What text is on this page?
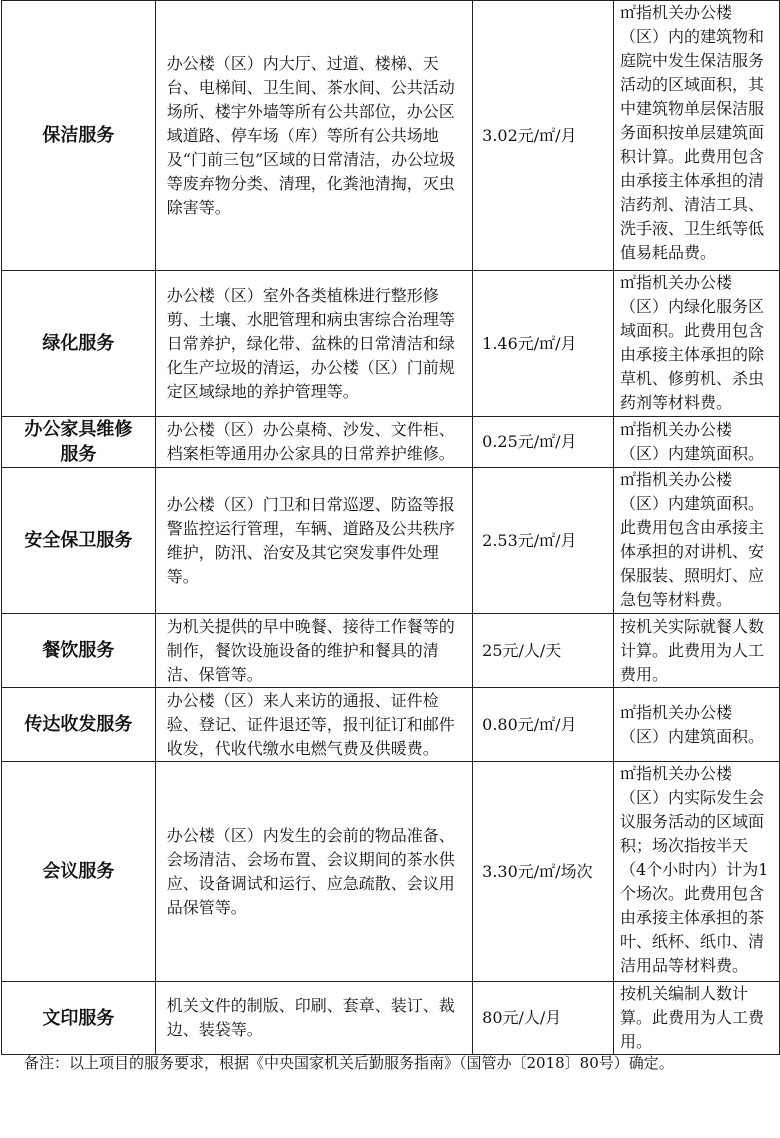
保洁服务	办公楼（区）内大厅、过道、楼梯、天台、电梯间、卫生间、茶水间、公共活动场所、楼宇外墙等所有公共部位，办公区域道路、停车场（库）等所有公共场地及“门前三包”区域的日常清洁，办公垃圾等废弃物分类、清理，化粪池清掏，灭虫除害等。	3.02元/㎡/月	㎡指机关办公楼（区）内的建筑物和庭院中发生保洁服务活动的区域面积，其中建筑物单层保洁服务面积按单层建筑面积计算。此费用包含由承接主体承担的清洁药剂、清洁工具、洗手液、卫生纸等低值易耗品费。

绿化服务	办公楼（区）室外各类植株进行整形修剪、土壤、水肥管理和病虫害综合治理等日常养护，绿化带、盆株的日常清洁和绿化生产垃圾的清运，办公楼（区）门前规定区域绿地的养护管理等。	1.46元/㎡/月	㎡指机关办公楼（区）内绿化服务区域面积。此费用包含由承接主体承担的除草机、修剪机、杀虫药剂等材料费。

办公家具维修服务	办公楼（区）办公桌椅、沙发、文件柜、档案柜等通用办公家具的日常养护维修。	0.25元/㎡/月	㎡指机关办公楼（区）内建筑面积。

安全保卫服务	办公楼（区）门卫和日常巡逻、防盗等报警监控运行管理，车辆、道路及公共秩序维护，防汛、治安及其它突发事件处理等。	2.53元/㎡/月	㎡指机关办公楼（区）内建筑面积。此费用包含由承接主体承担的对讲机、安保服装、照明灯、应急包等材料费。

餐饮服务	为机关提供的早中晚餐、接待工作餐等的制作，餐饮设施设备的维护和餐具的清洁、保管等。	25元/人/天	按机关实际就餐人数计算。此费用为人工费用。

传达收发服务	办公楼（区）来人来访的通报、证件检验、登记、证件退还等，报刊征订和邮件收发，代收代缴水电燃气费及供暖费。	0.80元/㎡/月	㎡指机关办公楼（区）内建筑面积。

会议服务	办公楼（区）内发生的会前的物品准备、会场清洁、会场布置、会议期间的茶水供应、设备调试和运行、应急疏散、会议用品保管等。	3.30元/㎡/场次	㎡指机关办公楼（区）内实际发生会议服务活动的区域面积；场次指按半天（4个小时内）计为1个场次。此费用包含由承接主体承担的茶叶、纸杯、纸巾、清洁用品等材料费。

文印服务	机关文件的制版、印刷、套章、装订、裁边、装袋等。	80元/人/月	按机关编制人数计算。此费用为人工费用。
备注：以上项目的服务要求，根据《中央国家机关后勤服务指南》（国管办〔2018〕80号）确定。
